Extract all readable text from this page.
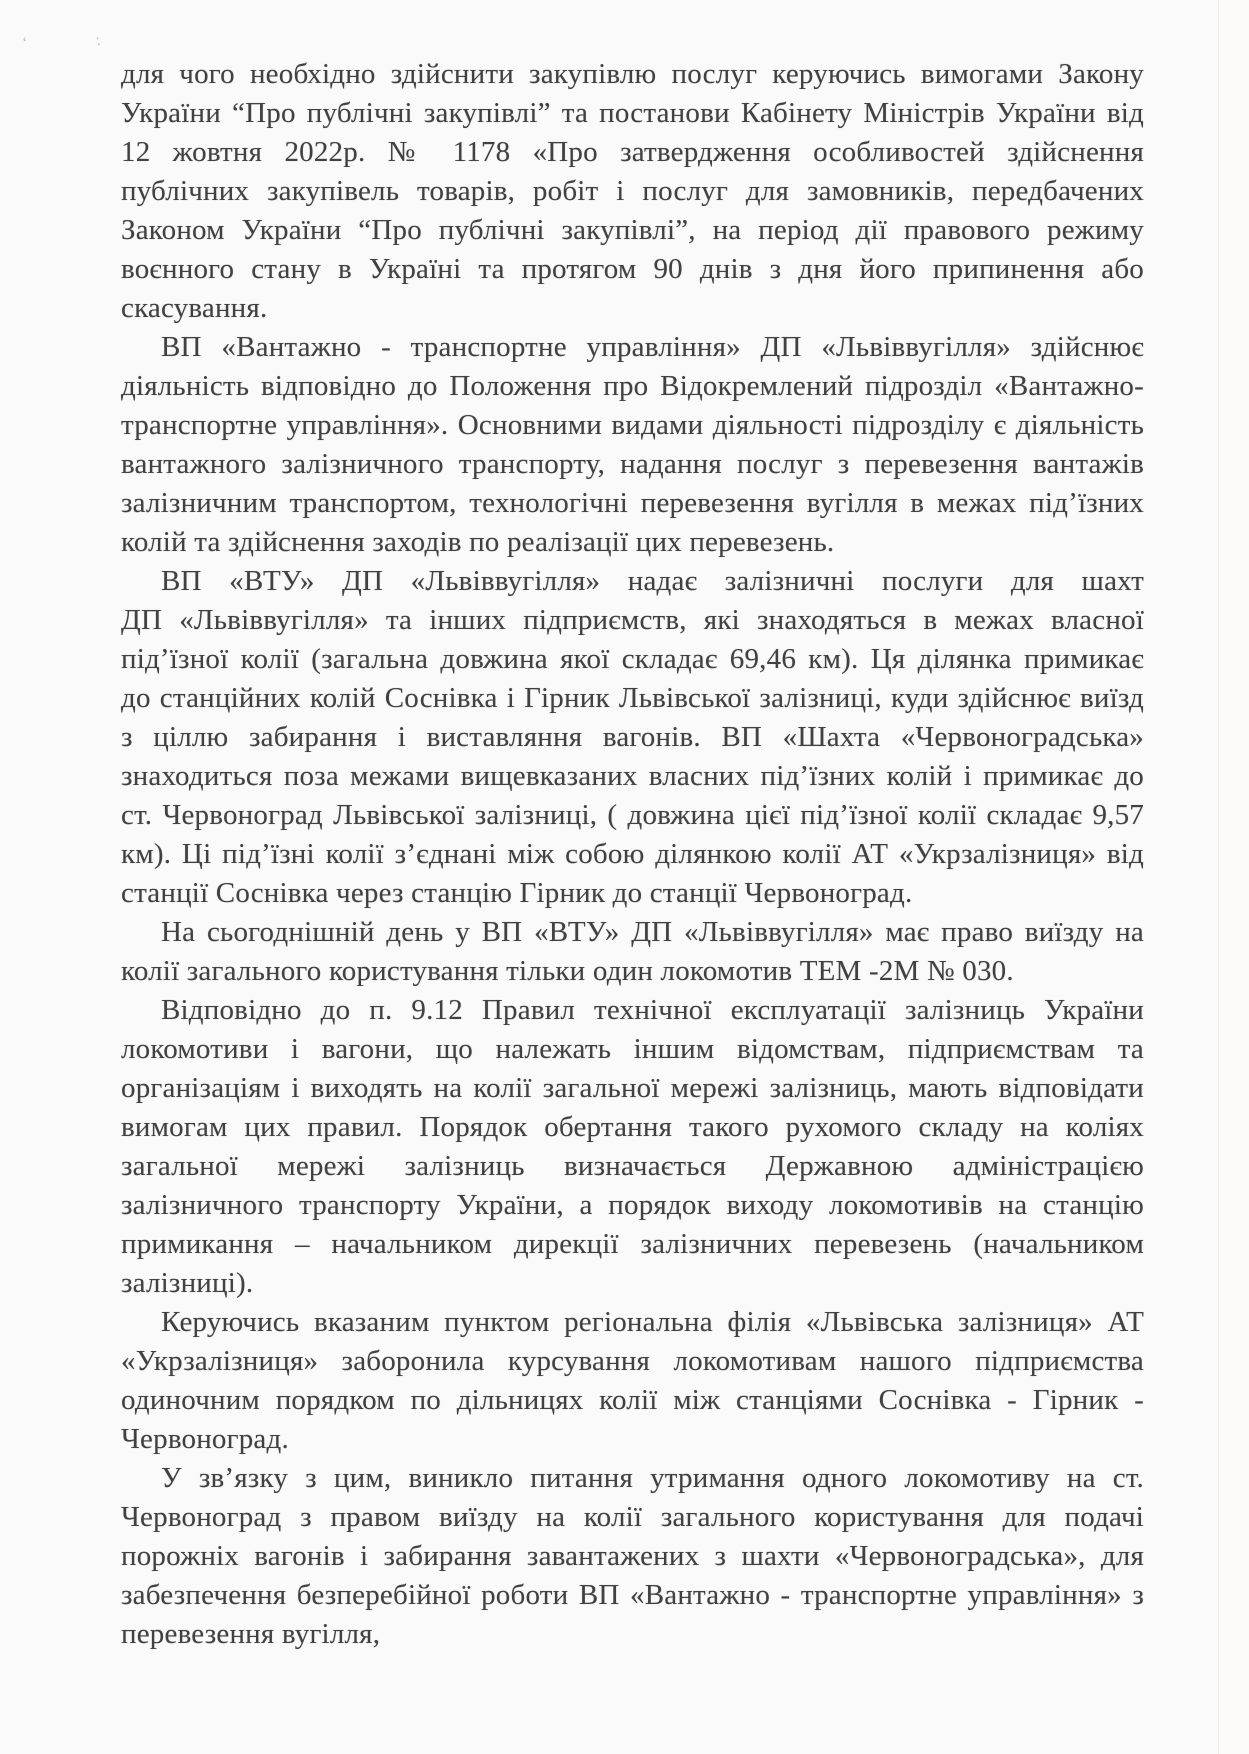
ʻ	ː
для чого необхідно здійснити закупівлю послуг керуючись вимогами Закону
України “Про публічні закупівлі” та постанови Кабінету Міністрів України від
12 жовтня 2022р. № 1178 «Про затвердження особливостей здійснення
публічних закупівель товарів, робіт і послуг для замовників, передбачених
Законом України “Про публічні закупівлі”, на період дії правового режиму
воєнного стану в Україні та протягом 90 днів з дня його припинення або
скасування.
ВП «Вантажно - транспортне управління» ДП «Львіввугілля» здійснює
діяльність відповідно до Положення про Відокремлений підрозділ «Вантажно-
транспортне управління». Основними видами діяльності підрозділу є діяльність
вантажного залізничного транспорту, надання послуг з перевезення вантажів
залізничним транспортом, технологічні перевезення вугілля в межах під’їзних
колій та здійснення заходів по реалізації цих перевезень.
ВП «ВТУ» ДП «Львіввугілля» надає залізничні послуги для шахт
ДП «Львіввугілля» та інших підприємств, які знаходяться в межах власної
під’їзної колії (загальна довжина якої складає 69,46 км). Ця ділянка примикає
до станційних колій Соснівка і Гірник Львівської залізниці, куди здійснює виїзд
з ціллю забирання і виставляння вагонів. ВП «Шахта «Червоноградська»
знаходиться поза межами вищевказаних власних під’їзних колій і примикає до
ст. Червоноград Львівської залізниці, ( довжина цієї під’їзної колії складає 9,57
км). Ці під’їзні колії з’єднані між собою ділянкою колії АТ «Укрзалізниця» від
станції Соснівка через станцію Гірник до станції Червоноград.
На сьогоднішній день у ВП «ВТУ» ДП «Львіввугілля» має право виїзду на
колії загального користування тільки один локомотив ТЕМ -2М № 030.
Відповідно до п. 9.12 Правил технічної експлуатації залізниць України
локомотиви і вагони, що належать іншим відомствам, підприємствам та
організаціям і виходять на колії загальної мережі залізниць, мають відповідати
вимогам цих правил. Порядок обертання такого рухомого складу на коліях
загальної мережі залізниць визначається Державною адміністрацією
залізничного транспорту України, а порядок виходу локомотивів на станцію
примикання – начальником дирекції залізничних перевезень (начальником
залізниці).
Керуючись вказаним пунктом регіональна філія «Львівська залізниця» АТ
«Укрзалізниця» заборонила курсування локомотивам нашого підприємства
одиночним порядком по дільницях колії між станціями Соснівка - Гірник -
Червоноград.
У зв’язку з цим, виникло питання утримання одного локомотиву на ст.
Червоноград з правом виїзду на колії загального користування для подачі
порожніх вагонів і забирання завантажених з шахти «Червоноградська», для
забезпечення безперебійної роботи ВП «Вантажно - транспортне управління» з
перевезення вугілля,
